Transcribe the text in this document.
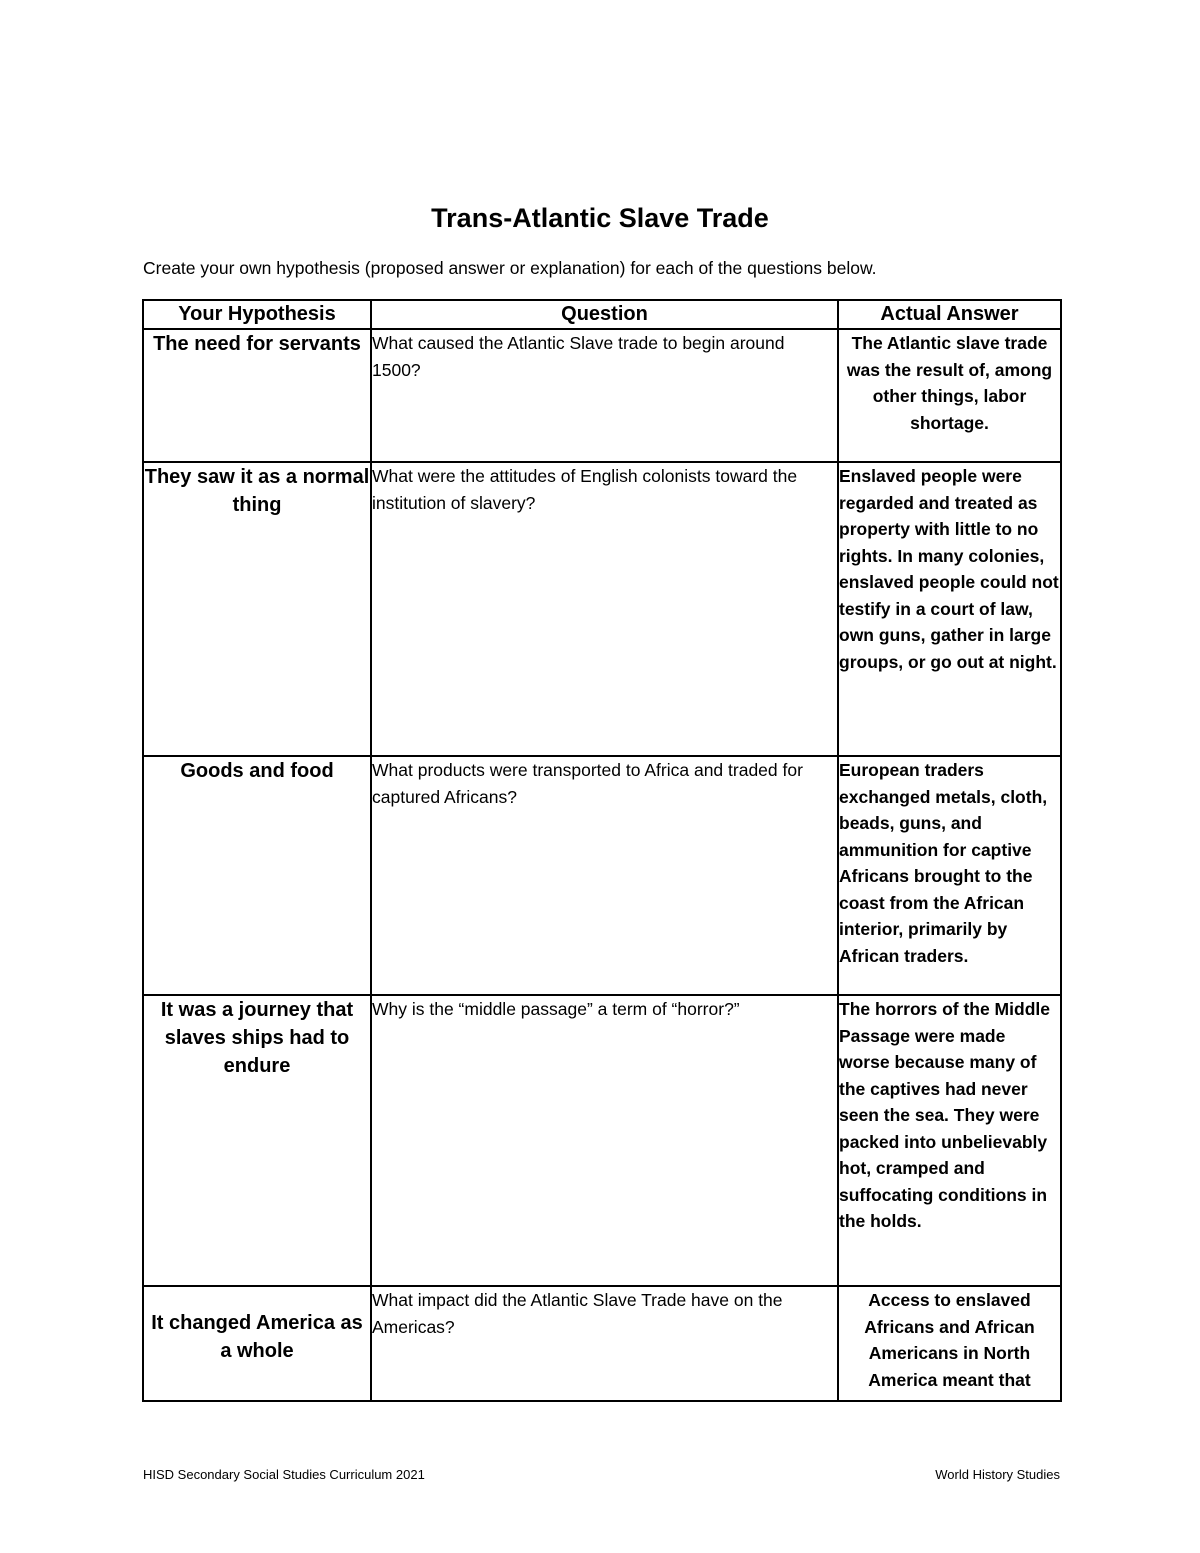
Trans-Atlantic Slave Trade

Create your own hypothesis (proposed answer or explanation) for each of the questions below.

Your Hypothesis	Question	Actual Answer
The need for servants	What caused the Atlantic Slave trade to begin around 1500?	The Atlantic slave trade was the result of, among other things, labor shortage.
They saw it as a normal thing	What were the attitudes of English colonists toward the institution of slavery?	Enslaved people were regarded and treated as property with little to no rights. In many colonies, enslaved people could not testify in a court of law, own guns, gather in large groups, or go out at night.
Goods and food	What products were transported to Africa and traded for captured Africans?	European traders exchanged metals, cloth, beads, guns, and ammunition for captive Africans brought to the coast from the African interior, primarily by African traders.
It was a journey that slaves ships had to endure	Why is the “middle passage” a term of “horror?”	The horrors of the Middle Passage were made worse because many of the captives had never seen the sea. They were packed into unbelievably hot, cramped and suffocating conditions in the holds.
It changed America as a whole	What impact did the Atlantic Slave Trade have on the Americas?	Access to enslaved Africans and African Americans in North America meant that
HISD Secondary Social Studies Curriculum 2021	World History Studies
